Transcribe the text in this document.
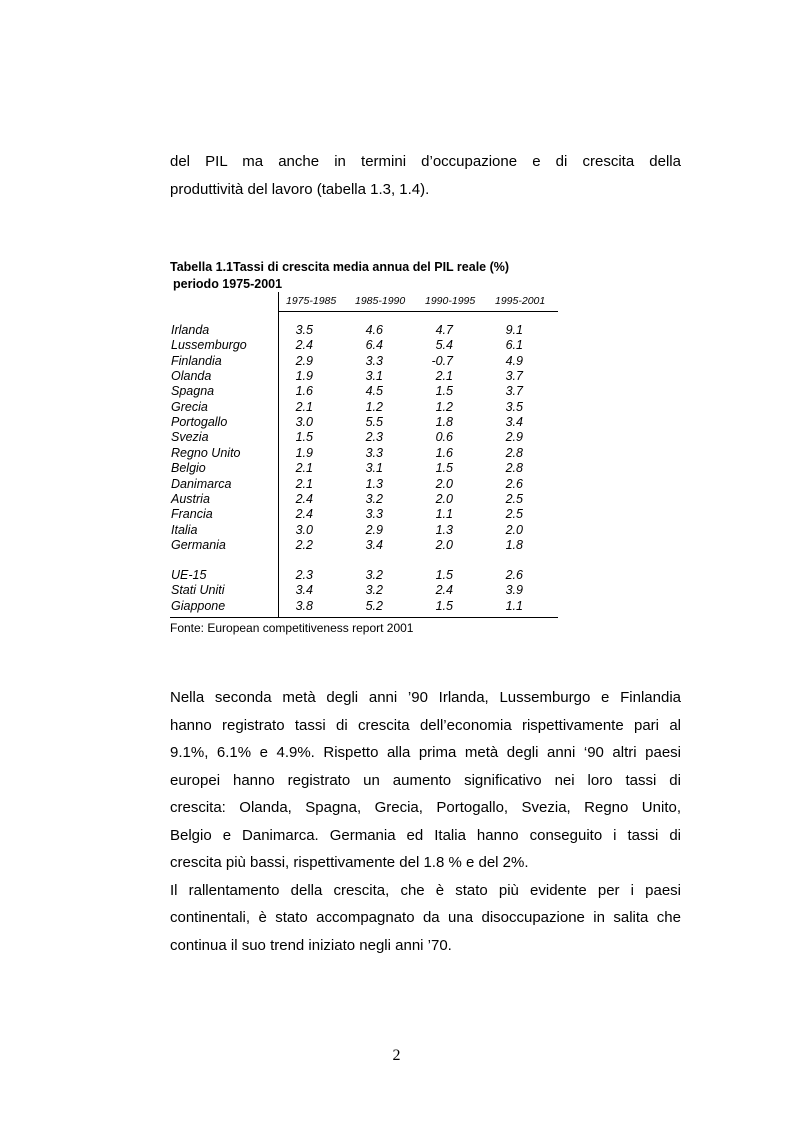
del PIL ma anche in termini d’occupazione e di crescita della
produttività del lavoro (tabella 1.3, 1.4).
Tabella 1.1Tassi di crescita media annua del PIL reale (%)
periodo 1975-2001
1975-1985 1985-1990 1990-1995 1995-2001
Irlanda	3.5	4.6	4.7	9.1
Lussemburgo	2.4	6.4	5.4	6.1
Finlandia	2.9	3.3	-0.7	4.9
Olanda	1.9	3.1	2.1	3.7
Spagna	1.6	4.5	1.5	3.7
Grecia	2.1	1.2	1.2	3.5
Portogallo	3.0	5.5	1.8	3.4
Svezia	1.5	2.3	0.6	2.9
Regno Unito	1.9	3.3	1.6	2.8
Belgio	2.1	3.1	1.5	2.8
Danimarca	2.1	1.3	2.0	2.6
Austria	2.4	3.2	2.0	2.5
Francia	2.4	3.3	1.1	2.5
Italia	3.0	2.9	1.3	2.0
Germania	2.2	3.4	2.0	1.8
UE-15	2.3	3.2	1.5	2.6
Stati Uniti	3.4	3.2	2.4	3.9
Giappone	3.8	5.2	1.5	1.1
Fonte: European competitiveness report 2001
Nella seconda metà degli anni ’90 Irlanda, Lussemburgo e Finlandia
hanno registrato tassi di crescita dell’economia rispettivamente pari al
9.1%, 6.1% e 4.9%. Rispetto alla prima metà degli anni ‘90 altri paesi
europei hanno registrato un aumento significativo nei loro tassi di
crescita: Olanda, Spagna, Grecia, Portogallo, Svezia, Regno Unito,
Belgio e Danimarca. Germania ed Italia hanno conseguito i tassi di
crescita più bassi, rispettivamente del 1.8 % e del 2%.
Il rallentamento della crescita, che è stato più evidente per i paesi
continentali, è stato accompagnato da una disoccupazione in salita che
continua il suo trend iniziato negli anni ’70.
2
